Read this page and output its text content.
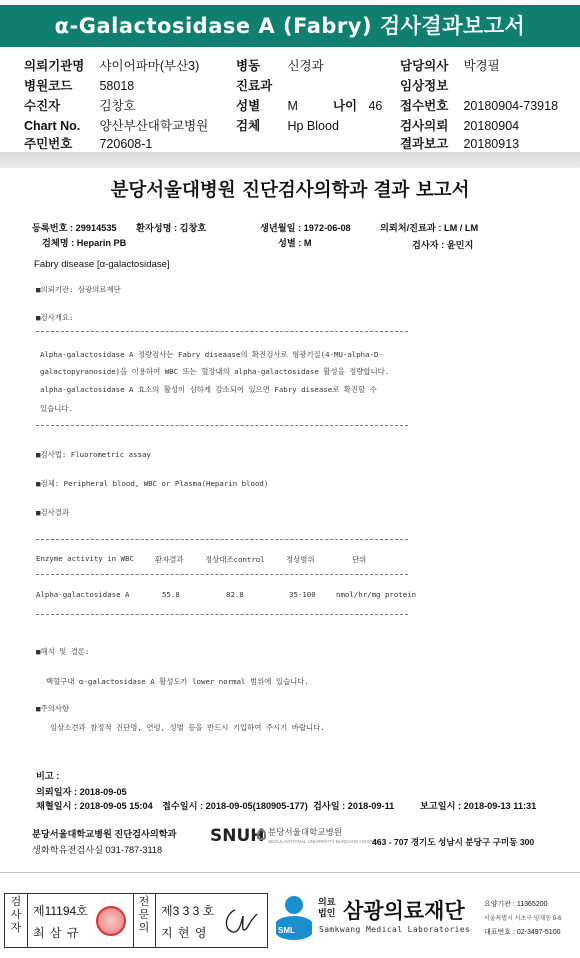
α-Galactosidase A (Fabry) 검사결과보고서
의뢰기관명 샤이어파마(부산3)	병동 신경과	담당의사 박경필
병원코드 58018	진료과	임상정보
수진자	김창호	성별 M	나이 46 접수번호 20180904-73918
Chart No. 양산부산대학교병원 검체 Hp Blood	검사의뢰 20180904
주민번호 720608-1	결과보고 20180913
분당서울대병원 진단검사의학과 결과 보고서
등록번호 : 29914535 환자성명 : 김창호	생년월일 : 1972-06-08	의뢰처/진료과 : LM / LM
검체명 : Heparin PB	성별 : M	검사자 : 윤민지
Fabry disease [α-galactosidase]
■의뢰기관: 삼광의료재단
■검사개요:
Alpha-galactosidase A 정량검사는 Fabry diseaase의 확진검사로 형광기질(4-MU-alpha-D-
galactopyranoside)을 이용하여 WBC 또는 혈장내의 alpha-galactosidase 활성을 정량합니다.
alpha-galactosidase A 효소의 활성이 심하게 감소되어 있으면 Fabry disease로 확진할 수
있습니다.
■검사법: Fluorometric assay
■검체: Peripheral blood, WBC or Plasma(Heparin blood)
■검사결과
Enzyme activity in WBC	환자결과	정상대조control	정상범위	단위
Alpha-galactosidase A	55.8	82.8	35-100	nmol/hr/mg protein
■해석 및 결론:
백혈구내 α-galactosidase A 활성도가 lower normal 범위에 있습니다.
■주의사항
임상소견과 참정적 진단명, 연령, 성별 등을 반드시 기입하여 주시기 바랍니다.
비고 :
의뢰일자 : 2018-09-05
채혈일시 : 2018-09-05 15:04 접수일시 : 2018-09-05(180905-177) 검사일 : 2018-09-11	보고일시 : 2018-09-13 11:31
분당서울대학교병원 진단검사의학과
생화학유전검사실 031-787-3118
SNUH 분당서울대학교병원
SEOUL NATIONAL UNIVERSITY BUNDANG HOSPITAL
463 - 707 경기도 성남시 분당구 구미동 300
검
사
자
제11194호
최 삼 규
전
문
의
제3 3 3 호
지 현 영	SML
의료
법인 삼광의료재단
Samkwang Medical Laboratories
요양기관 : 11365200
서울특별시 서초구 양재동 9-6
대표번호 : 02-3497-5100
